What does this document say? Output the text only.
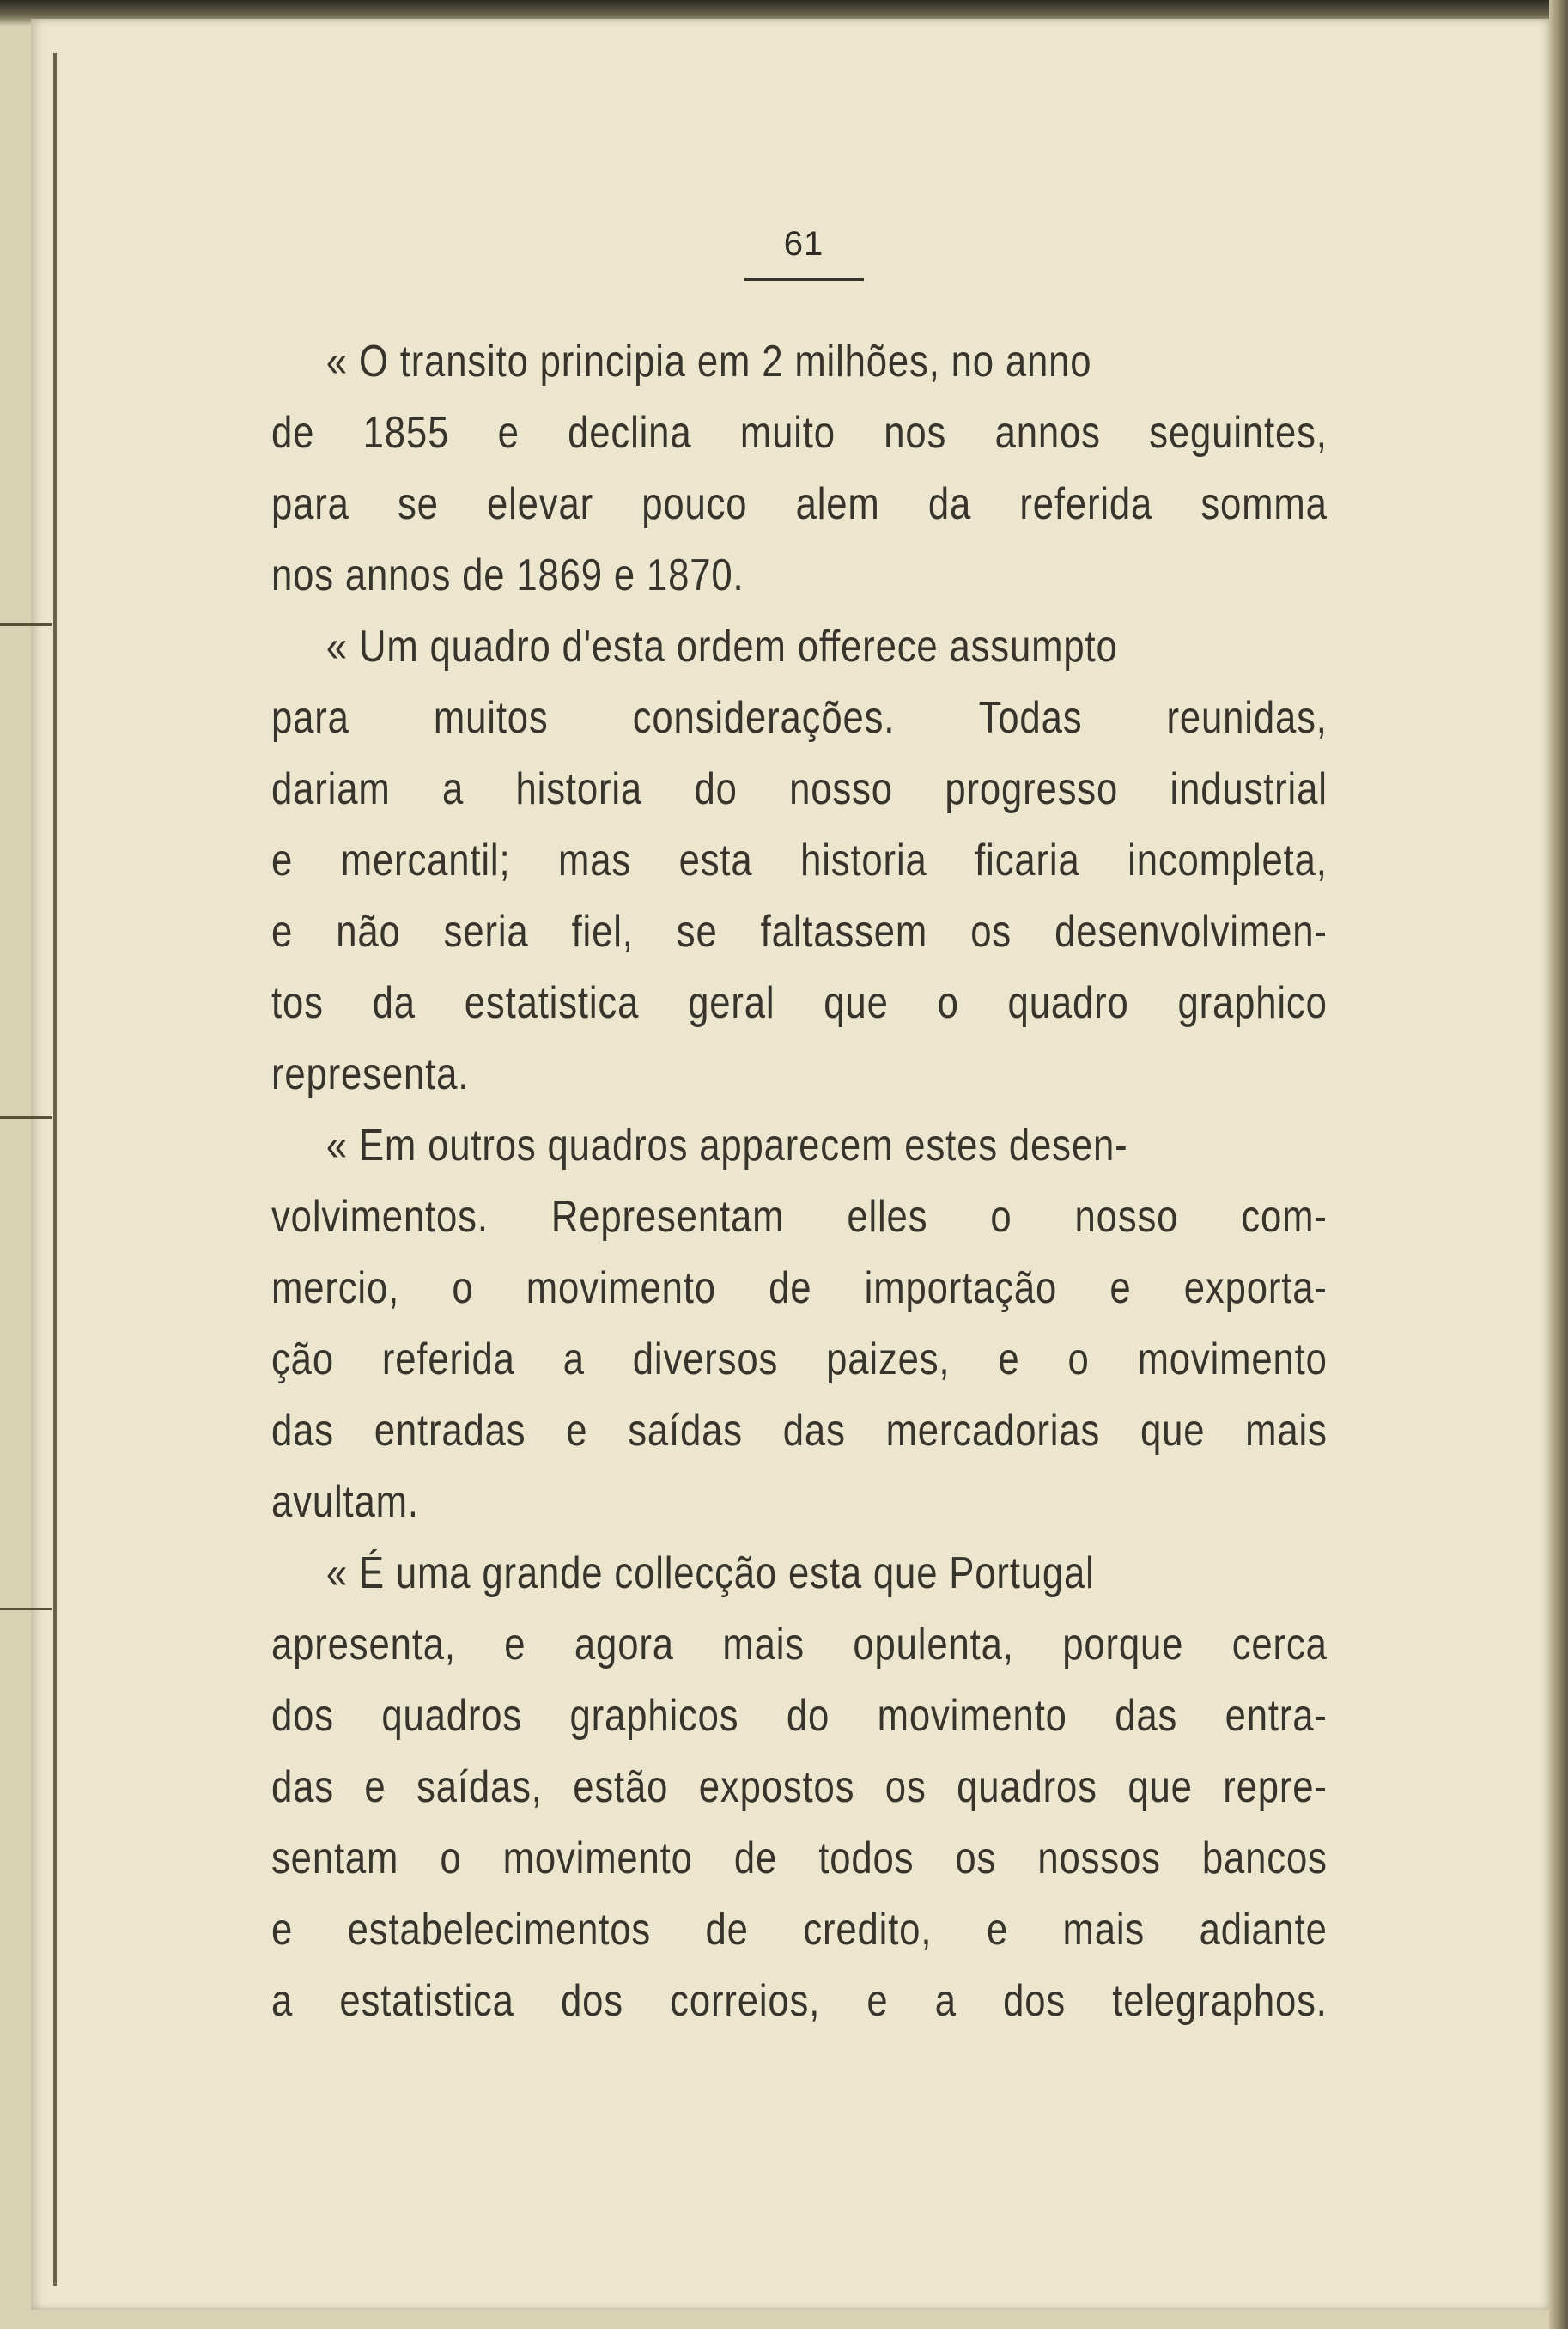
61
« O transito principia em 2 milhões, no anno
de 1855 e declina muito nos annos seguintes,
para se elevar pouco alem da referida somma
nos annos de 1869 e 1870.
« Um quadro d'esta ordem offerece assumpto
para muitos considerações. Todas reunidas,
dariam a historia do nosso progresso industrial
e mercantil; mas esta historia ficaria incompleta,
e não seria fiel, se faltassem os desenvolvimen-
tos da estatistica geral que o quadro graphico
representa.
« Em outros quadros apparecem estes desen-
volvimentos. Representam elles o nosso com-
mercio, o movimento de importação e exporta-
ção referida a diversos paizes, e o movimento
das entradas e saídas das mercadorias que mais
avultam.
« É uma grande collecção esta que Portugal
apresenta, e agora mais opulenta, porque cerca
dos quadros graphicos do movimento das entra-
das e saídas, estão expostos os quadros que repre-
sentam o movimento de todos os nossos bancos
e estabelecimentos de credito, e mais adiante
a estatistica dos correios, e a dos telegraphos.
